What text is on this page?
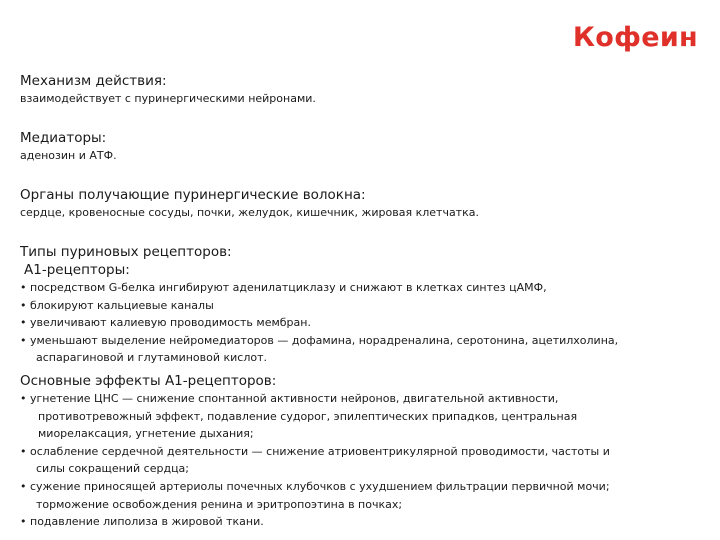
Кофеин

Механизм действия:

взаимодействует с пуринергическими нейронами.

Медиаторы:

аденозин и АТФ.

Органы получающие пуринергические волокна:

сердце, кровеносные сосуды, почки, желудок, кишечник, жировая клетчатка.

Типы пуриновых рецепторов:

А1-рецепторы:

• посредством G-белка ингибируют аденилатциклазу и снижают в клетках синтез цАМФ,
• блокируют кальциевые каналы
• увеличивают калиевую проводимость мембран.
• уменьшают выделение нейромедиаторов — дофамина, норадреналина, серотонина, ацетилхолина,
аспарагиновой и глутаминовой кислот.

Основные эффекты А1-рецепторов:

• угнетение ЦНС — снижение спонтанной активности нейронов, двигательной активности,
противотревожный эффект, подавление судорог, эпилептических припадков, центральная
миорелаксация, угнетение дыхания;
• ослабление сердечной деятельности — снижение атриовентрикулярной проводимости, частоты и
силы сокращений сердца;
• сужение приносящей артериолы почечных клубочков с ухудшением фильтрации первичной мочи;
торможение освобождения ренина и эритропоэтина в почках;
• подавление липолиза в жировой ткани.
